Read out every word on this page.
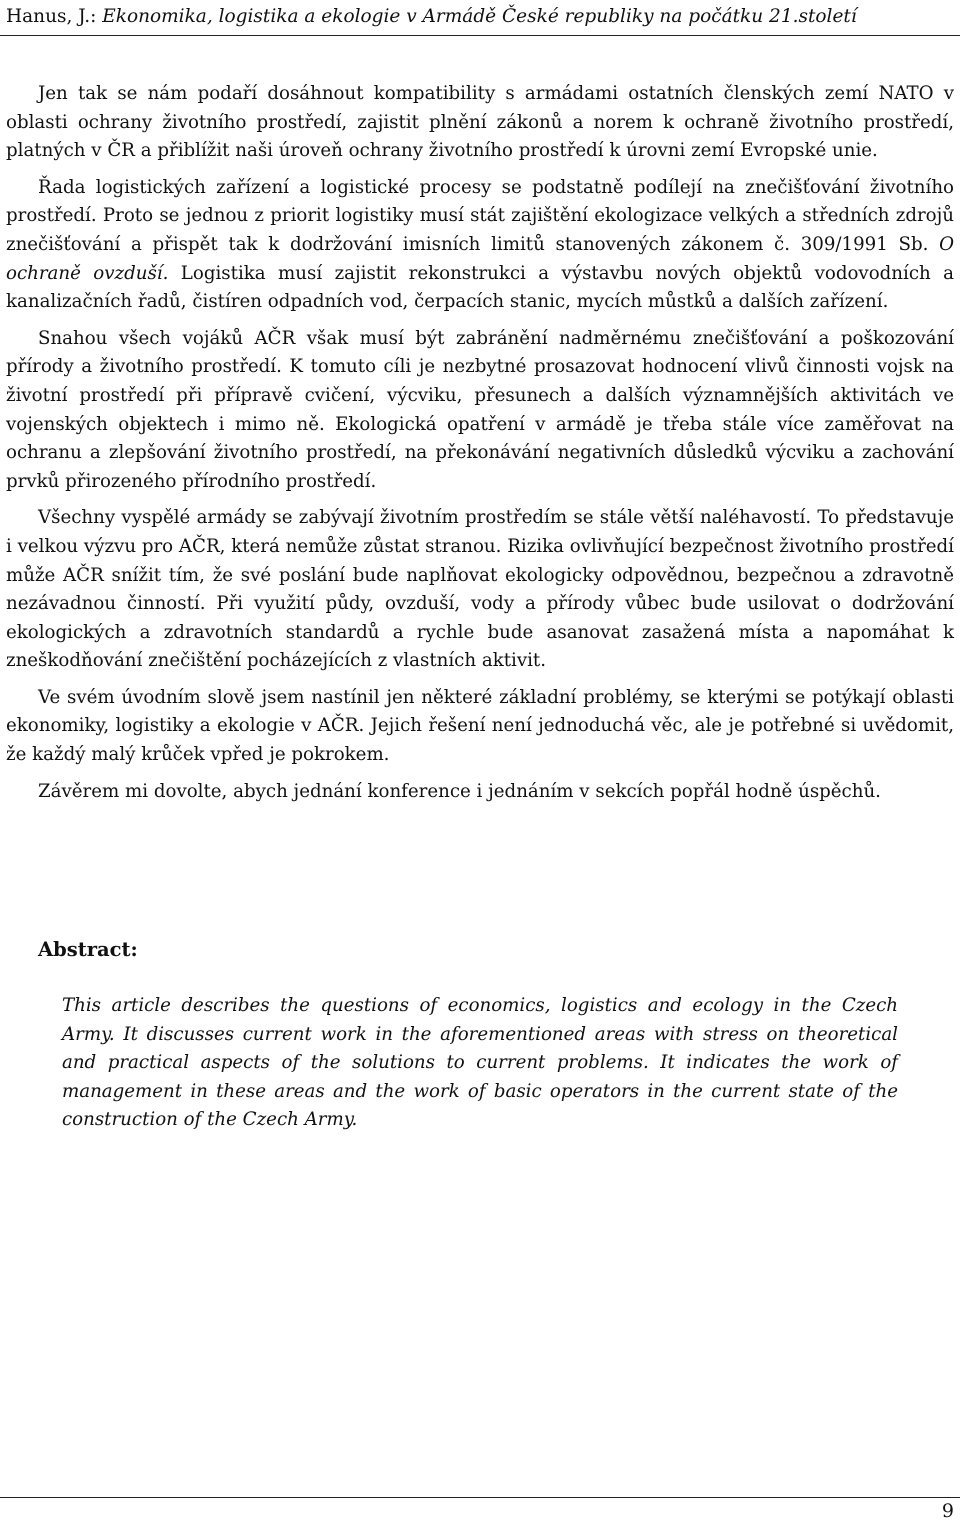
Hanus, J.: Ekonomika, logistika a ekologie v Armádě České republiky na počátku 21.století

Jen tak se nám podaří dosáhnout kompatibility s armádami ostatních členských zemí NATO v oblasti ochrany životního prostředí, zajistit plnění zákonů a norem k ochraně životního prostředí, platných v ČR a přiblížit naši úroveň ochrany životního prostředí k úrovni zemí Evropské unie.

Řada logistických zařízení a logistické procesy se podstatně podílejí na znečišťování životního prostředí. Proto se jednou z priorit logistiky musí stát zajištění ekologizace velkých a středních zdrojů znečišťování a přispět tak k dodržování imisních limitů stanovených zákonem č. 309/1991 Sb. O ochraně ovzduší. Logistika musí zajistit rekonstrukci a výstavbu nových objektů vodovodních a kanalizačních řadů, čistíren odpadních vod, čerpacích stanic, mycích můstků a dalších zařízení.

Snahou všech vojáků AČR však musí být zabránění nadměrnému znečišťování a poškozování přírody a životního prostředí. K tomuto cíli je nezbytné prosazovat hodnocení vlivů činnosti vojsk na životní prostředí při přípravě cvičení, výcviku, přesunech a dalších významnějších aktivitách ve vojenských objektech i mimo ně. Ekologická opatření v armádě je třeba stále více zaměřovat na ochranu a zlepšování životního prostředí, na překonávání negativních důsledků výcviku a zachování prvků přirozeného přírodního prostředí.

Všechny vyspělé armády se zabývají životním prostředím se stále větší naléhavostí. To představuje i velkou výzvu pro AČR, která nemůže zůstat stranou. Rizika ovlivňující bezpečnost životního prostředí může AČR snížit tím, že své poslání bude naplňovat ekologicky odpovědnou, bezpečnou a zdravotně nezávadnou činností. Při využití půdy, ovzduší, vody a přírody vůbec bude usilovat o dodržování ekologických a zdravotních standardů a rychle bude asanovat zasažená místa a napomáhat k zneškodňování znečištění pocházejících z vlastních aktivit.

Ve svém úvodním slově jsem nastínil jen některé základní problémy, se kterými se potýkají oblasti ekonomiky, logistiky a ekologie v AČR. Jejich řešení není jednoduchá věc, ale je potřebné si uvědomit, že každý malý krůček vpřed je pokrokem.

Závěrem mi dovolte, abych jednání konference i jednáním v sekcích popřál hodně úspěchů.

Abstract:
This article describes the questions of economics, logistics and ecology in the Czech Army. It discusses current work in the aforementioned areas with stress on theoretical and practical aspects of the solutions to current problems. It indicates the work of management in these areas and the work of basic operators in the current state of the construction of the Czech Army.
9
